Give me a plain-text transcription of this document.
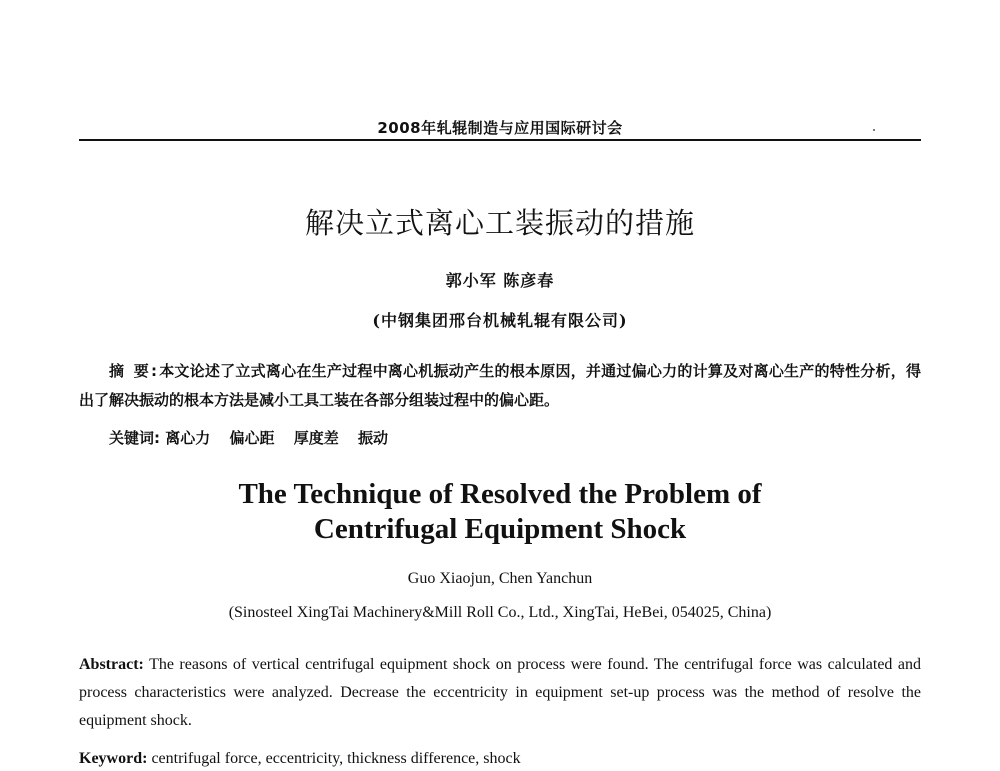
2008年轧辊制造与应用国际研讨会
解决立式离心工装振动的措施
郭小军 陈彦春
(中钢集团邢台机械轧辊有限公司)
摘 要:本文论述了立式离心在生产过程中离心机振动产生的根本原因，并通过偏心力的计算及对离心生产的特性分析，得出了解决振动的根本方法是减小工具工装在各部分组装过程中的偏心距。
关键词: 离心力 偏心距 厚度差 振动
The Technique of Resolved the Problem of
Centrifugal Equipment Shock
Guo Xiaojun, Chen Yanchun
(Sinosteel XingTai Machinery&Mill Roll Co., Ltd., XingTai, HeBei, 054025, China)
Abstract: The reasons of vertical centrifugal equipment shock on process were found. The centrifugal force was calculated and process characteristics were analyzed. Decrease the eccentricity in equipment set-up process was the method of resolve the equipment shock.
Keyword: centrifugal force, eccentricity, thickness difference, shock
